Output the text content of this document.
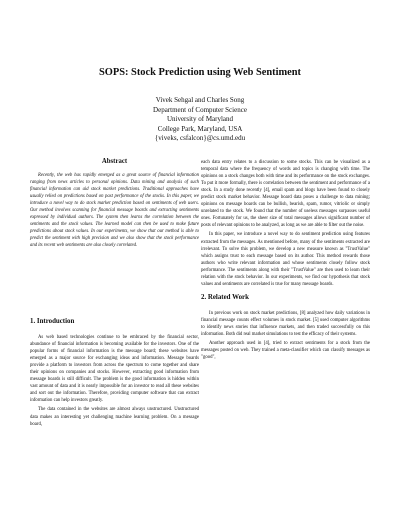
SOPS: Stock Prediction using Web Sentiment
Vivek Sehgal and Charles Song
Department of Computer Science
University of Maryland
College Park, Maryland, USA
{viveks, csfalcon}@cs.umd.edu
Abstract

Recently, the web has rapidly emerged as a great source of financial information ranging from news articles to personal opinions. Data mining and analysis of such financial information can aid stock market predictions. Traditional approaches have usually relied on predictions based on past performance of the stocks. In this paper, we introduce a novel way to do stock market prediction based on sentiments of web users. Our method involves scanning for financial message boards and extracting sentiments expressed by individual authors. The system then learns the correlation between the sentiments and the stock values. The learned model can then be used to make future predictions about stock values. In our experiments, we show that our method is able to predict the sentiment with high precision and we also show that the stock performance and its recent web sentiments are also closely correlated.

1. Introduction

As web based technologies continue to be embraced by the financial sector, abundance of financial information is becoming available for the investors. One of the popular forms of financial information is the message board; these websites have emerged as a major source for exchanging ideas and information. Message boards provide a platform to investors from across the spectrum to come together and share their opinions on companies and stocks. However, extracting good information from message boards is still difficult. The problem is the good information is hidden within vast amount of data and it is nearly impossible for an investor to read all these websites and sort out the information. Therefore, providing computer software that can extract information can help investors greatly.

The data contained in the websites are almost always unstructured. Unstructured data makes an interesting yet challenging machine learning problem. On a message board,

each data entry relates to a discussion to some stocks. This can be visualized as a temporal data where the frequency of words and topics is changing with time. The opinions on a stock changes both with time and its performance on the stock exchanges. To put it more formally, there is correlation between the sentiment and performance of a stock. In a study done recently [4], email spam and blogs have been found to closely predict stock market behavior. Message board data poses a challenge to data mining; opinions on message boards can be bullish, bearish, spam, rumor, vitriolic or simply unrelated to the stock. We found that the number of useless messages surpasses useful ones. Fortunately for us, the sheer size of total messages allows significant number of posts of relevant opinions to be analyzed, as long as we are able to filter out the noise.

In this paper, we introduce a novel way to do sentiment prediction using features extracted from the messages. As mentioned before, many of the sentiments extracted are irrelevant. To solve this problem, we develop a new measure known as "TrustValue" which assigns trust to each message based on its author. This method rewards those authors who write relevant information and whose sentiments closely follow stock performance. The sentiments along with their "TrustValue" are then used to learn their relation with the stock behavior. In our experiments, we find our hypothesis that stock values and sentiments are correlated is true for many message boards.

2. Related Work

In previous work on stock market predictions, [8] analyzed how daily variations in financial message counts effect volumes in stock market. [5] used computer algorithms to identify news stories that influence markets, and then traded successfully on this information. Both did real market simulations to test the efficacy of their systems.

Another approach used in [4], tried to extract sentiments for a stock from the messages posted on web. They trained a meta-classifier which can classify messages as "good",
